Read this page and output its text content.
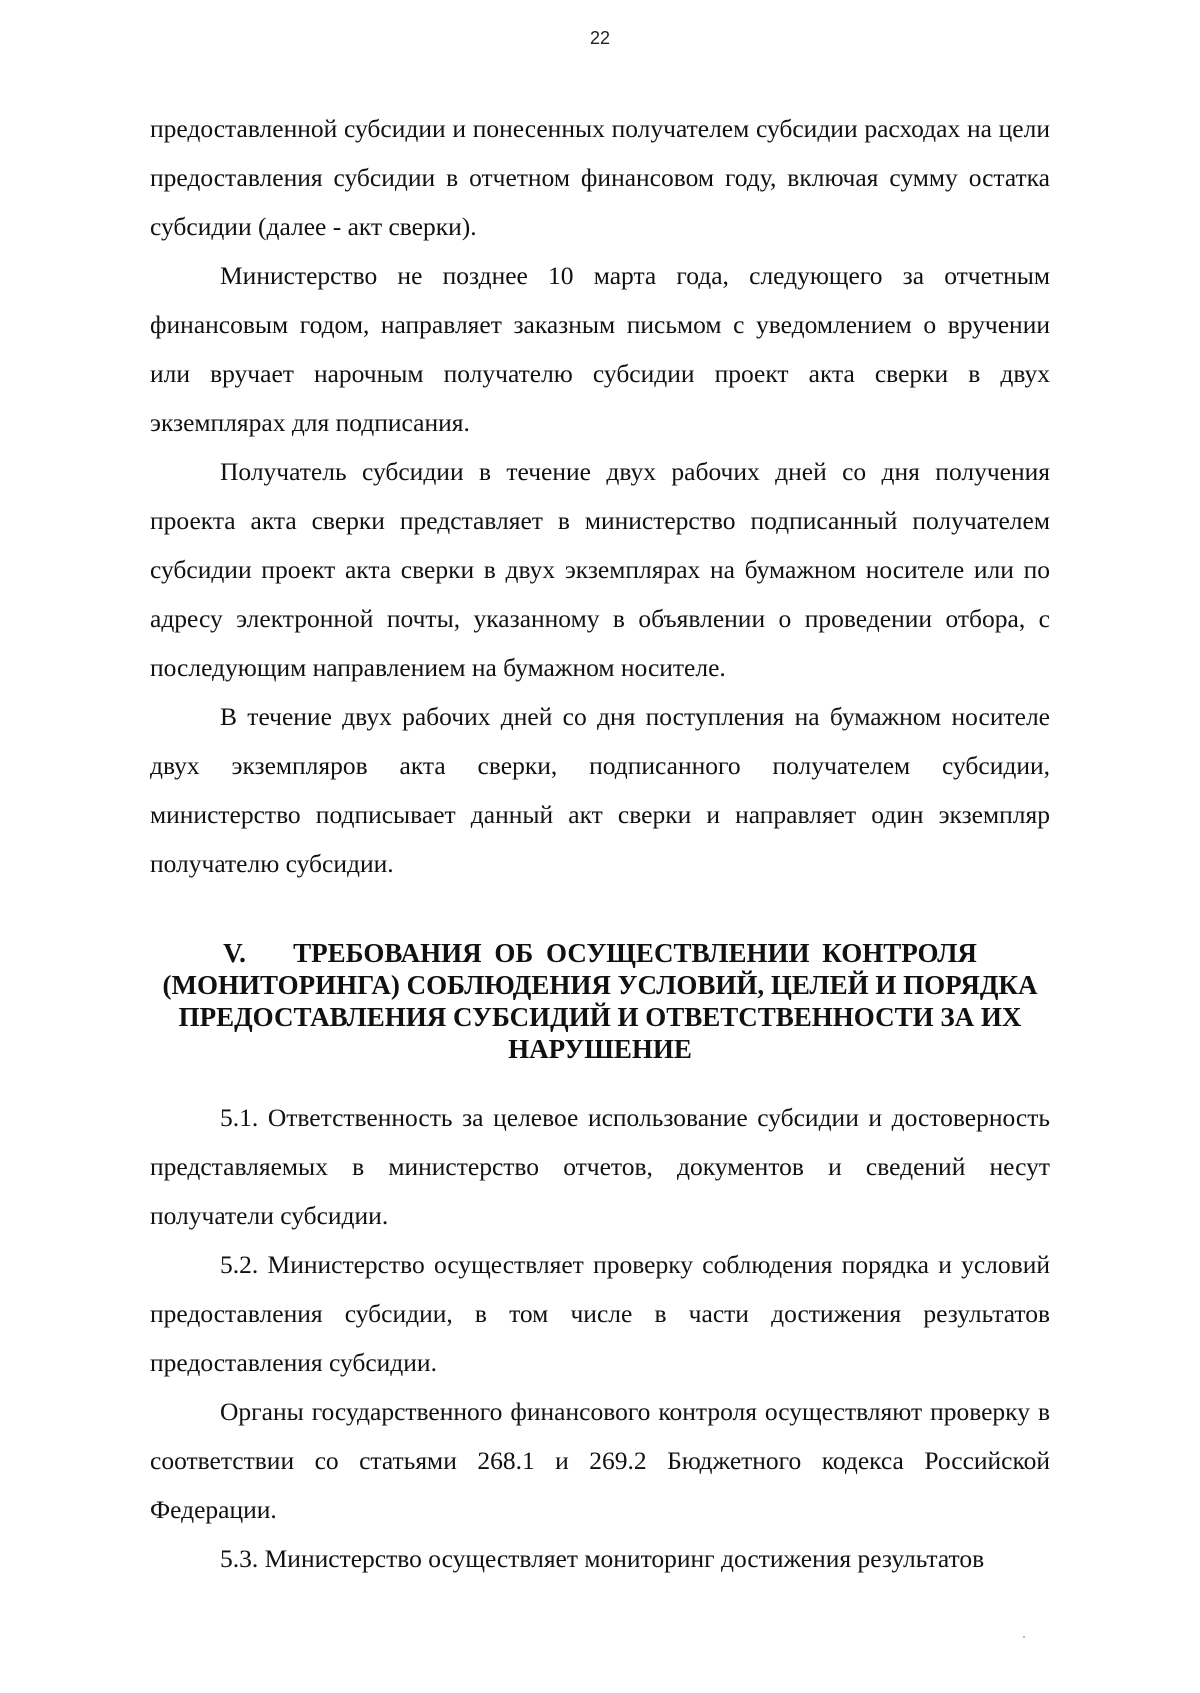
22

предоставленной субсидии и понесенных получателем субсидии расходах на цели предоставления субсидии в отчетном финансовом году, включая сумму остатка субсидии (далее - акт сверки).

Министерство не позднее 10 марта года, следующего за отчетным финансовым годом, направляет заказным письмом с уведомлением о вручении или вручает нарочным получателю субсидии проект акта сверки в двух экземплярах для подписания.

Получатель субсидии в течение двух рабочих дней со дня получения проекта акта сверки представляет в министерство подписанный получателем субсидии проект акта сверки в двух экземплярах на бумажном носителе или по адресу электронной почты, указанному в объявлении о проведении отбора, с последующим направлением на бумажном носителе.

В течение двух рабочих дней со дня поступления на бумажном носителе двух экземпляров акта сверки, подписанного получателем субсидии, министерство подписывает данный акт сверки и направляет один экземпляр получателю субсидии.

V. ТРЕБОВАНИЯ ОБ ОСУЩЕСТВЛЕНИИ КОНТРОЛЯ
(МОНИТОРИНГА) СОБЛЮДЕНИЯ УСЛОВИЙ, ЦЕЛЕЙ И ПОРЯДКА
ПРЕДОСТАВЛЕНИЯ СУБСИДИЙ И ОТВЕТСТВЕННОСТИ ЗА ИХ
НАРУШЕНИЕ

5.1. Ответственность за целевое использование субсидии и достоверность представляемых в министерство отчетов, документов и сведений несут получатели субсидии.

5.2. Министерство осуществляет проверку соблюдения порядка и условий предоставления субсидии, в том числе в части достижения результатов предоставления субсидии.

Органы государственного финансового контроля осуществляют проверку в соответствии со статьями 268.1 и 269.2 Бюджетного кодекса Российской Федерации.

5.3. Министерство осуществляет мониторинг достижения результатов
